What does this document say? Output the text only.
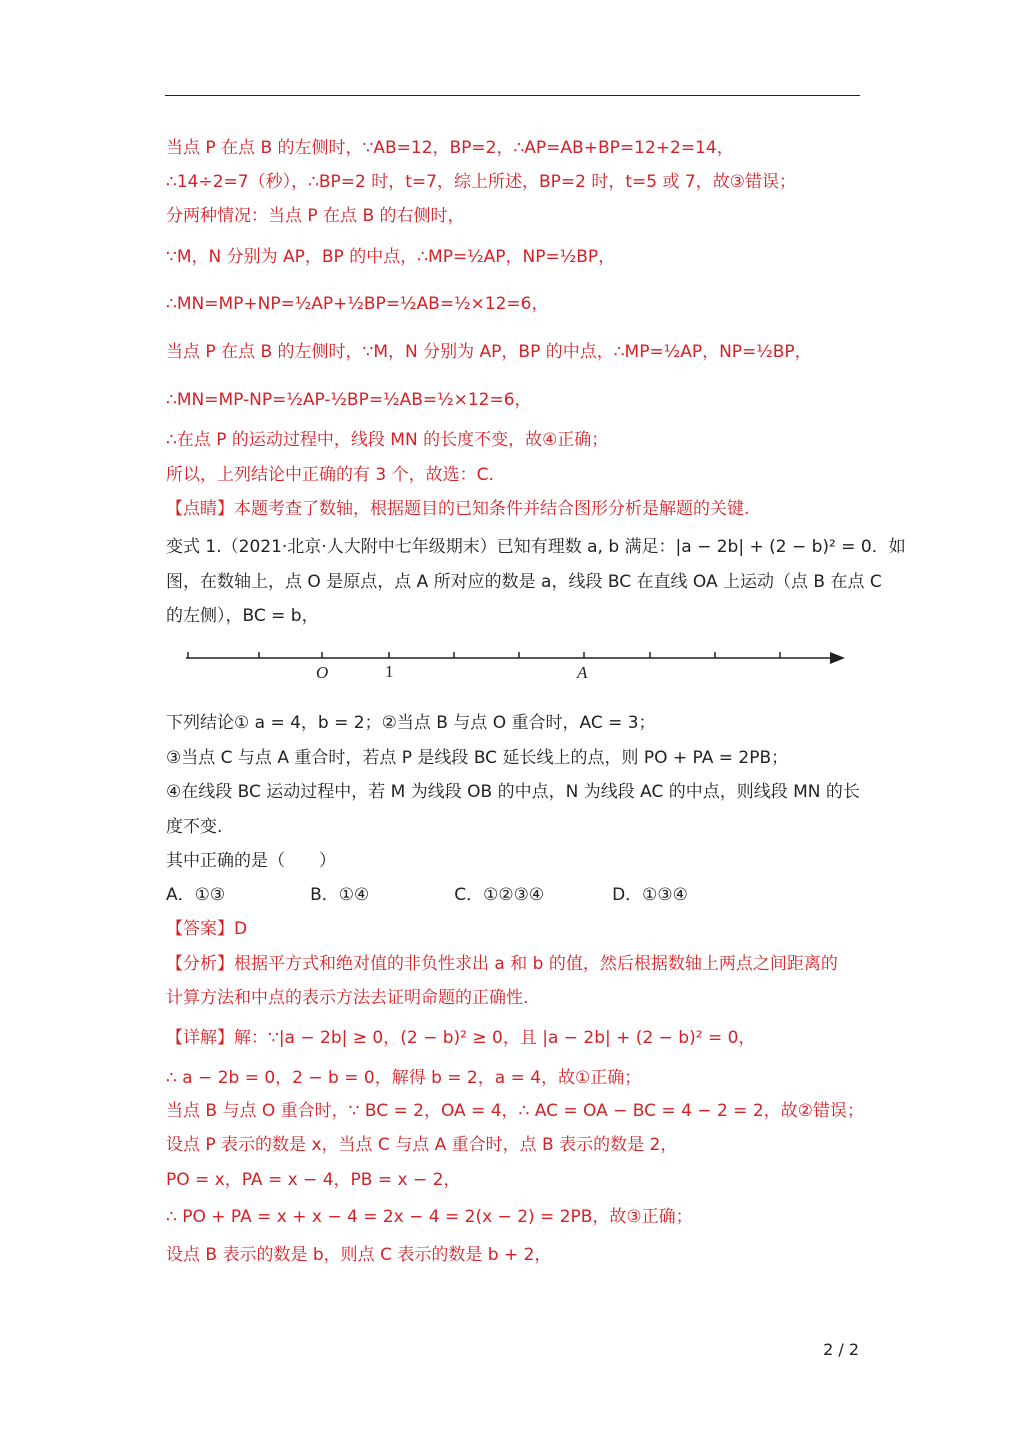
当点 P 在点 B 的左侧时，∵AB=12，BP=2，∴AP=AB+BP=12+2=14，
∴14÷2=7（秒），∴BP=2 时，t=7，综上所述，BP=2 时，t=5 或 7，故③错误；
分两种情况：当点 P 在点 B 的右侧时，
∵M，N 分别为 AP，BP 的中点，∴MP=½AP，NP=½BP，
∴MN=MP+NP=½AP+½BP=½AB=½×12=6，
当点 P 在点 B 的左侧时，∵M，N 分别为 AP，BP 的中点，∴MP=½AP，NP=½BP，
∴MN=MP-NP=½AP-½BP=½AB=½×12=6，
∴在点 P 的运动过程中，线段 MN 的长度不变，故④正确；
所以，上列结论中正确的有 3 个，故选：C.
【点睛】本题考查了数轴，根据题目的已知条件并结合图形分析是解题的关键.
变式 1.（2021·北京·人大附中七年级期末）已知有理数 a, b 满足：|a − 2b| + (2 − b)² = 0．如
图，在数轴上，点 O 是原点，点 A 所对应的数是 a，线段 BC 在直线 OA 上运动（点 B 在点 C
的左侧），BC = b，
O	1	A
下列结论① a = 4，b = 2；②当点 B 与点 O 重合时，AC = 3；
③当点 C 与点 A 重合时，若点 P 是线段 BC 延长线上的点，则 PO + PA = 2PB；
④在线段 BC 运动过程中，若 M 为线段 OB 的中点，N 为线段 AC 的中点，则线段 MN 的长
度不变.
其中正确的是（　　）
A．①③　　　　　B．①④　　　　　C．①②③④　　　　D．①③④
【答案】D
【分析】根据平方式和绝对值的非负性求出 a 和 b 的值，然后根据数轴上两点之间距离的
计算方法和中点的表示方法去证明命题的正确性.
【详解】解：∵|a − 2b| ≥ 0，(2 − b)² ≥ 0，且 |a − 2b| + (2 − b)² = 0，
∴ a − 2b = 0，2 − b = 0，解得 b = 2，a = 4，故①正确；
当点 B 与点 O 重合时，∵ BC = 2，OA = 4，∴ AC = OA − BC = 4 − 2 = 2，故②错误；
设点 P 表示的数是 x，当点 C 与点 A 重合时，点 B 表示的数是 2，
PO = x，PA = x − 4，PB = x − 2，
∴ PO + PA = x + x − 4 = 2x − 4 = 2(x − 2) = 2PB，故③正确；
设点 B 表示的数是 b，则点 C 表示的数是 b + 2，
2 / 2
